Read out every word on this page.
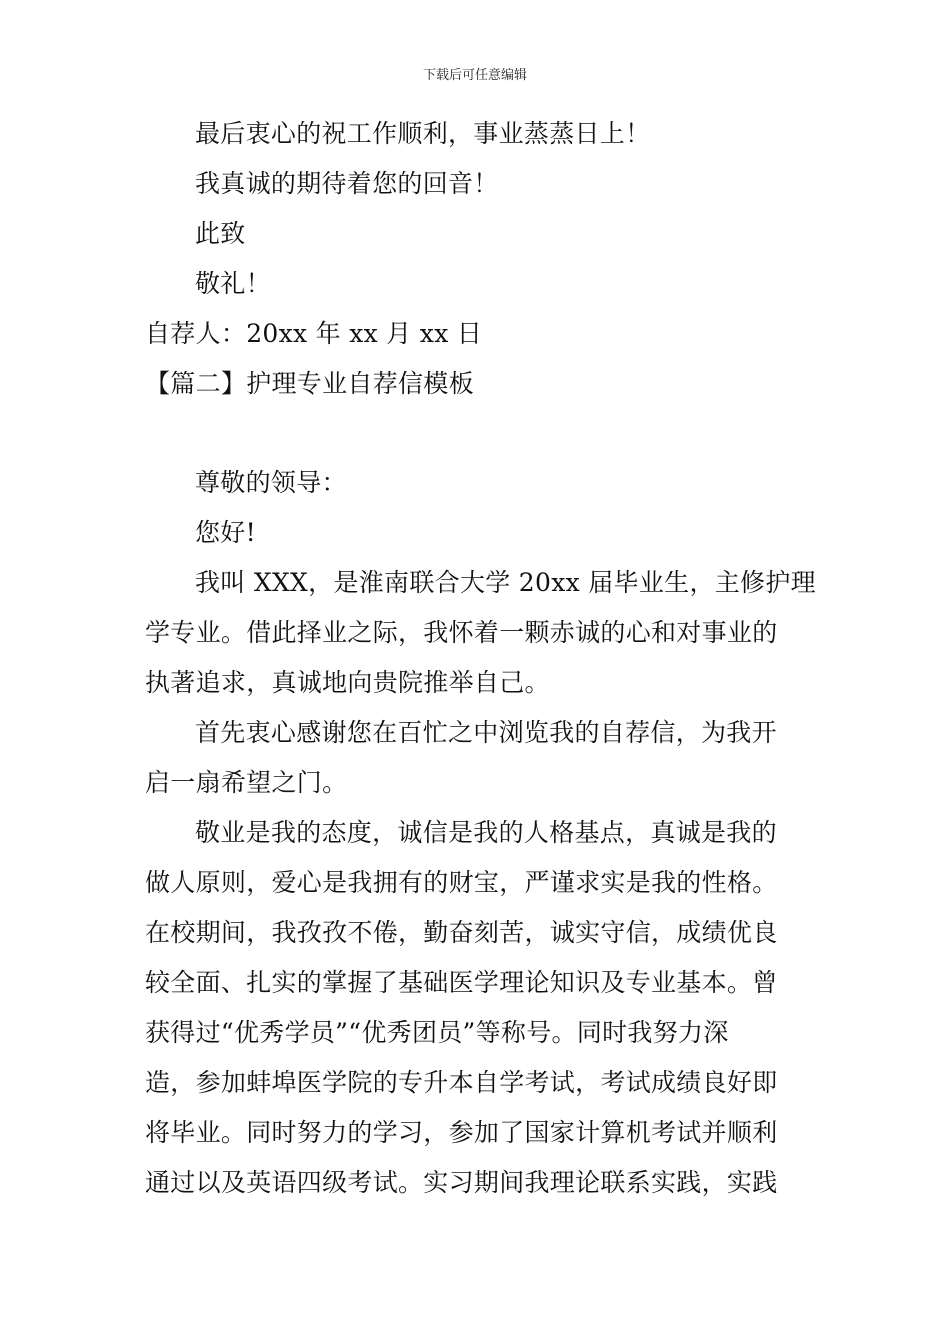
下载后可任意编辑
最后衷心的祝工作顺利，事业蒸蒸日上！
我真诚的期待着您的回音！
此致
敬礼！
自荐人：20xx 年 xx 月 xx 日
【篇二】护理专业自荐信模板
尊敬的领导：
您好!
我叫 XXX，是淮南联合大学 20xx 届毕业生，主修护理
学专业。借此择业之际，我怀着一颗赤诚的心和对事业的
执著追求，真诚地向贵院推举自己。
首先衷心感谢您在百忙之中浏览我的自荐信，为我开
启一扇希望之门。
敬业是我的态度，诚信是我的人格基点，真诚是我的
做人原则，爱心是我拥有的财宝，严谨求实是我的性格。
在校期间，我孜孜不倦，勤奋刻苦，诚实守信，成绩优良
较全面、扎实的掌握了基础医学理论知识及专业基本。曾
获得过“优秀学员”“优秀团员”等称号。同时我努力深
造，参加蚌埠医学院的专升本自学考试，考试成绩良好即
将毕业。同时努力的学习，参加了国家计算机考试并顺利
通过以及英语四级考试。实习期间我理论联系实践，实践
